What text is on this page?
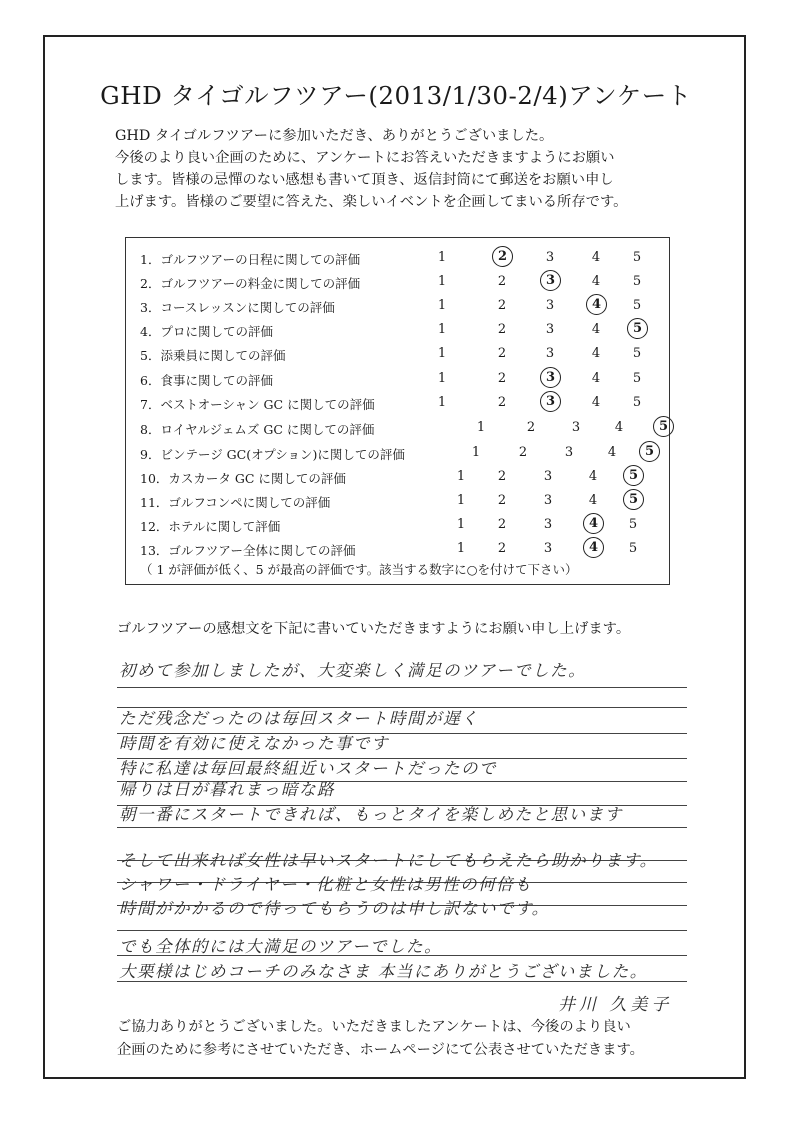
GHD タイゴルフツアー(2013/1/30-2/4)アンケート
GHD タイゴルフツアーに参加いただき、ありがとうございました。
今後のより良い企画のために、アンケートにお答えいただきますようにお願い
します。皆様の忌憚のない感想も書いて頂き、返信封筒にて郵送をお願い申し
上げます。皆様のご要望に答えた、楽しいイベントを企画してまいる所存です。
（ 1 が評価が低く、5 が最高の評価です。該当する数字に○を付けて下さい）
1．ゴルフツアーの日程に関しての評価	1	2	3	4	5
2．ゴルフツアーの料金に関しての評価	1	2	3	4	5
3．コースレッスンに関しての評価	1	2	3	4	5
4．プロに関しての評価	1	2	3	4	5
5．添乗員に関しての評価	1	2	3	4	5
6．食事に関しての評価	1	2	3	4	5
7．ベストオーシャン GC に関しての評価	1	2	3	4	5
8．ロイヤルジェムズ GC に関しての評価	1	2	3	4	5
9．ビンテージ GC(オプション)に関しての評価	1	2	3	4	5
10．カスカータ GC に関しての評価	1	2	3	4	5
11．ゴルフコンペに関しての評価	1	2	3	4	5
12．ホテルに関して評価	1	2	3	4	5
13．ゴルフツアー全体に関しての評価	1	2	3	4	5
ゴルフツアーの感想文を下記に書いていただきますようにお願い申し上げます。
初めて参加しましたが、大変楽しく満足のツアーでした。
ただ残念だったのは毎回スタート時間が遅く
時間を有効に使えなかった事です
特に私達は毎回最終組近いスタートだったので
帰りは日が暮れまっ暗な路
朝一番にスタートできれば、もっとタイを楽しめたと思います
そして出来れば女性は早いスタートにしてもらえたら助かります。
シャワー・ドライヤー・化粧と女性は男性の何倍も
時間がかかるので待ってもらうのは申し訳ないです。
でも全体的には大満足のツアーでした。
大栗様はじめコーチのみなさま 本当にありがとうございました。
井川 久美子
ご協力ありがとうございました。いただきましたアンケートは、今後のより良い
企画のために参考にさせていただき、ホームページにて公表させていただきます。
